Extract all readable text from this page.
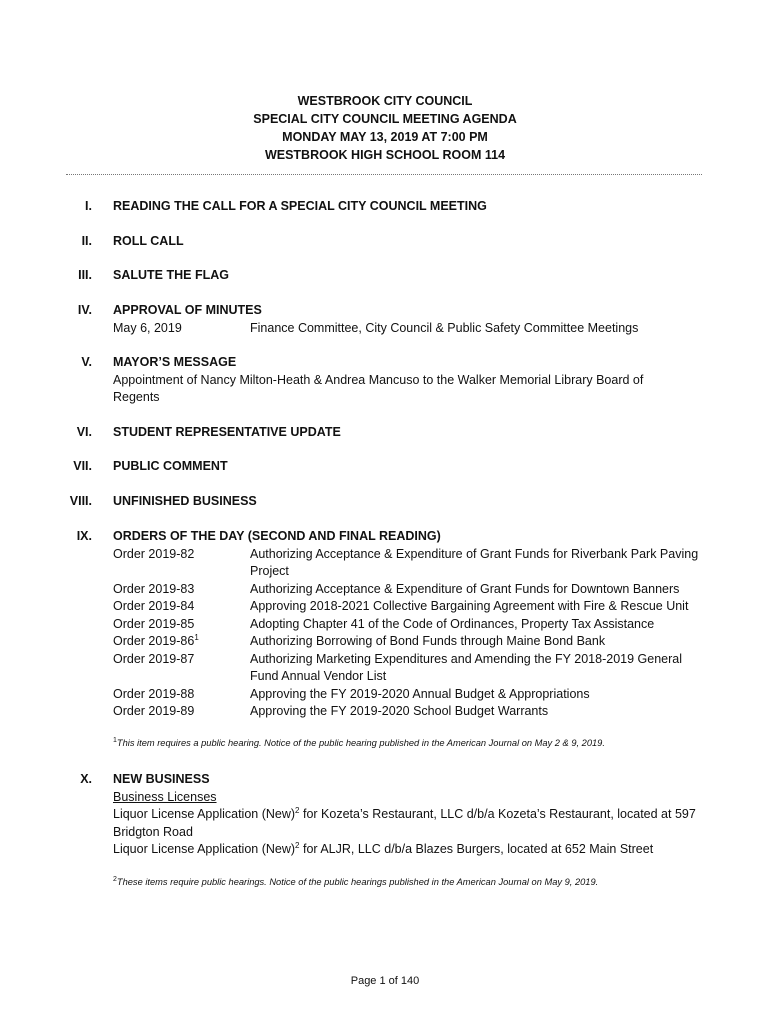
WESTBROOK CITY COUNCIL
SPECIAL CITY COUNCIL MEETING AGENDA
MONDAY MAY 13, 2019 AT 7:00 PM
WESTBROOK HIGH SCHOOL ROOM 114
I. READING THE CALL FOR A SPECIAL CITY COUNCIL MEETING
II. ROLL CALL
III. SALUTE THE FLAG
IV. APPROVAL OF MINUTES
May 6, 2019	Finance Committee, City Council & Public Safety Committee Meetings
V. MAYOR’S MESSAGE
Appointment of Nancy Milton-Heath & Andrea Mancuso to the Walker Memorial Library Board of
Regents
VI. STUDENT REPRESENTATIVE UPDATE
VII. PUBLIC COMMENT
VIII. UNFINISHED BUSINESS
IX. ORDERS OF THE DAY (SECOND AND FINAL READING)
Order 2019-82	Authorizing Acceptance & Expenditure of Grant Funds for Riverbank Park Paving
Project
Order 2019-83	Authorizing Acceptance & Expenditure of Grant Funds for Downtown Banners
Order 2019-84	Approving 2018-2021 Collective Bargaining Agreement with Fire & Rescue Unit
Order 2019-85	Adopting Chapter 41 of the Code of Ordinances, Property Tax Assistance
Order $2019-86^1$	Authorizing Borrowing of Bond Funds through Maine Bond Bank
Order 2019-87	Authorizing Marketing Expenditures and Amending the FY 2018-2019 General
Fund Annual Vendor List
Order 2019-88	Approving the FY 2019-2020 Annual Budget & Appropriations
Order 2019-89	Approving the FY 2019-2020 School Budget Warrants
$^1$This item requires a public hearing. Notice of the public hearing published in the American Journal on May 2 & 9, 2019.
X. NEW BUSINESS
Business Licenses
Liquor License Application (New)$^2$ for Kozeta’s Restaurant, LLC d/b/a Kozeta’s Restaurant, located at 597
Bridgton Road
Liquor License Application (New)$^2$ for ALJR, LLC d/b/a Blazes Burgers, located at 652 Main Street
$^2$These items require public hearings. Notice of the public hearings published in the American Journal on May 9, 2019.
Page 1 of 140
